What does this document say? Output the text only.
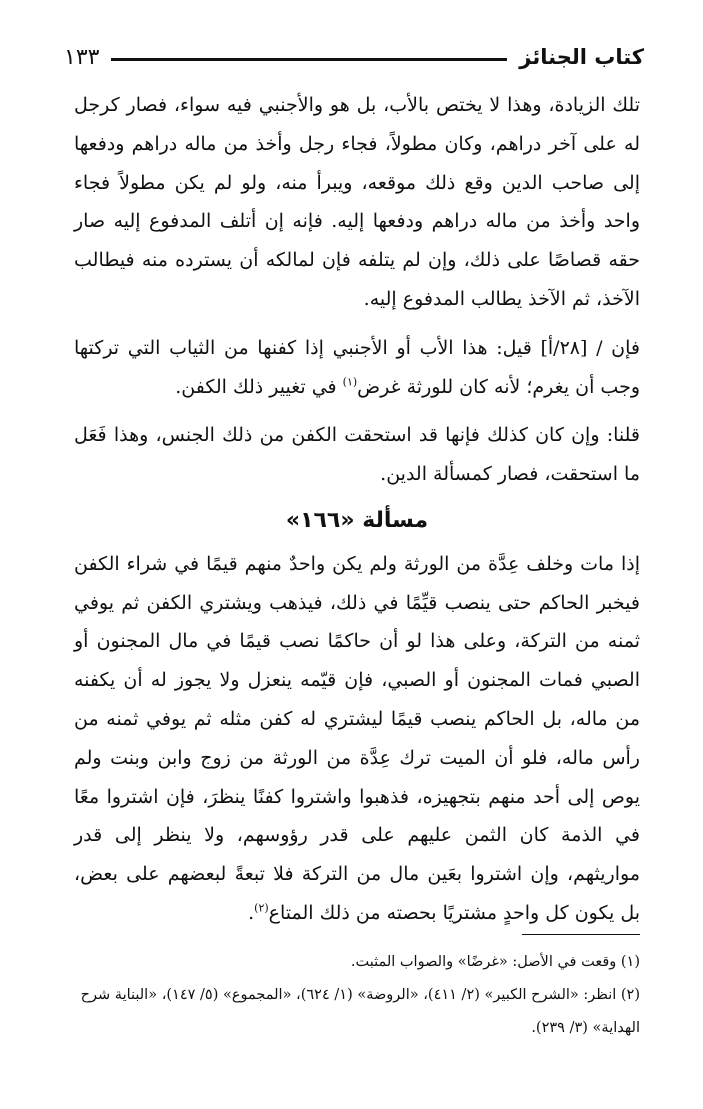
كتاب الجنائز
١٣٣

تلك الزيادة، وهذا لا يختص بالأب، بل هو والأجنبي فيه سواء، فصار كرجل له على آخر دراهم، وكان مطولاً، فجاء رجل وأخذ من ماله دراهم ودفعها إلى صاحب الدين وقع ذلك موقعه، ويبرأ منه، ولو لم يكن مطولاً فجاء واحد وأخذ من ماله دراهم ودفعها إليه. فإنه إن أتلف المدفوع إليه صار حقه قصاصًا على ذلك، وإن لم يتلفه فإن لمالكه أن يسترده منه فيطالب الآخذ، ثم الآخذ يطالب المدفوع إليه.

فإن / [٢٨/أ] قيل: هذا الأب أو الأجنبي إذا كفنها من الثياب التي تركتها وجب أن يغرم؛ لأنه كان للورثة غرض$^{(١)}$ في تغيير ذلك الكفن.

قلنا: وإن كان كذلك فإنها قد استحقت الكفن من ذلك الجنس، وهذا فَعَل ما استحقت، فصار كمسألة الدين.

مسألة «١٦٦»

إذا مات وخلف عِدَّة من الورثة ولم يكن واحدٌ منهم قيمًا في شراء الكفن فيخبر الحاكم حتى ينصب قيِّمًا في ذلك، فيذهب ويشتري الكفن ثم يوفي ثمنه من التركة، وعلى هذا لو أن حاكمًا نصب قيمًا في مال المجنون أو الصبي فمات المجنون أو الصبي، فإن قيّمه ينعزل ولا يجوز له أن يكفنه من ماله، بل الحاكم ينصب قيمًا ليشتري له كفن مثله ثم يوفي ثمنه من رأس ماله، فلو أن الميت ترك عِدَّة من الورثة من زوج وابن وبنت ولم يوص إلى أحد منهم بتجهيزه، فذهبوا واشتروا كفنًا ينظرَ، فإن اشتروا معًا في الذمة كان الثمن عليهم على قدر رؤوسهم، ولا ينظر إلى قدر مواريثهم، وإن اشتروا بعَين مال من التركة فلا تبعةً لبعضهم على بعض، بل يكون كل واحدٍ مشتريًا بحصته من ذلك المتاع$^{(٢)}$.

(١) وقعت في الأصل: «غرضًا» والصواب المثبت.

(٢) انظر: «الشرح الكبير» (٢/ ٤١١)، «الروضة» (١/ ٦٢٤)، «المجموع» (٥/ ١٤٧)، «البناية شرح الهداية» (٣/ ٢٣٩).
